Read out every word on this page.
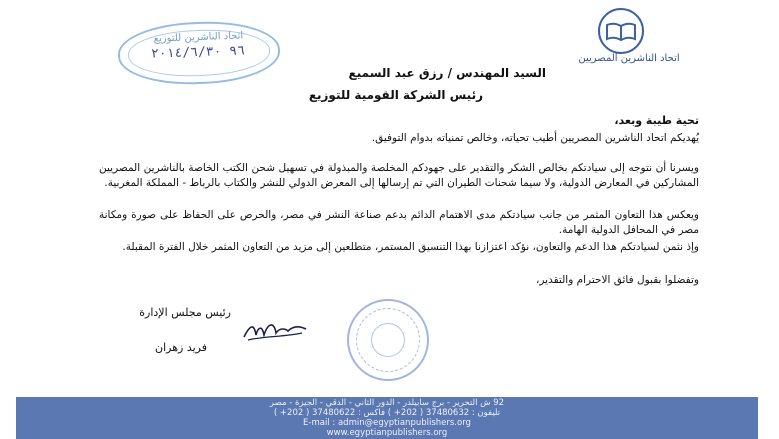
اتحاد الناشرين المصريين
اتحاد الناشرين للتوزيع
٩٦ ٢٠١٤/٦/٣٠
السيد المهندس / رزق عبد السميع
رئيس الشركة القومية للتوزيع
تحية طيبة وبعد،
يُهديكم اتحاد الناشرين المصريين أطيب تحياته، وخالص تمنياته بدوام التوفيق.
ويسرنا أن نتوجه إلى سيادتكم بخالص الشكر والتقدير على جهودكم المخلصة والمبذولة في تسهيل شحن الكتب الخاصة بالناشرين المصريين المشاركين في المعارض الدولية، ولا سيما شحنات الطيران التي تم إرسالها إلى المعرض الدولي للنشر والكتاب بالرباط - المملكة المغربية.
ويعكس هذا التعاون المثمر من جانب سيادتكم مدى الاهتمام الدائم بدعم صناعة النشر في مصر، والحرص على الحفاظ على صورة ومكانة مصر في المحافل الدولية الهامة.
وإذ نثمن لسيادتكم هذا الدعم والتعاون، نؤكد اعتزازنا بهذا التنسيق المستمر، متطلعين إلى مزيد من التعاون المثمر خلال الفترة المقبلة.
وتفضلوا بقبول فائق الاحترام والتقدير،
رئيس مجلس الإدارة
فريد زهران
92 ش التحرير - برج سابيلدر - الدور الثاني - الدقي - الجيزة - مصر
تليفون : 37480632 ( 202+ ) فاكس : 37480622 ( 202+ )
E-mail : admin@egyptianpublishers.org
www.egyptianpublishers.org
